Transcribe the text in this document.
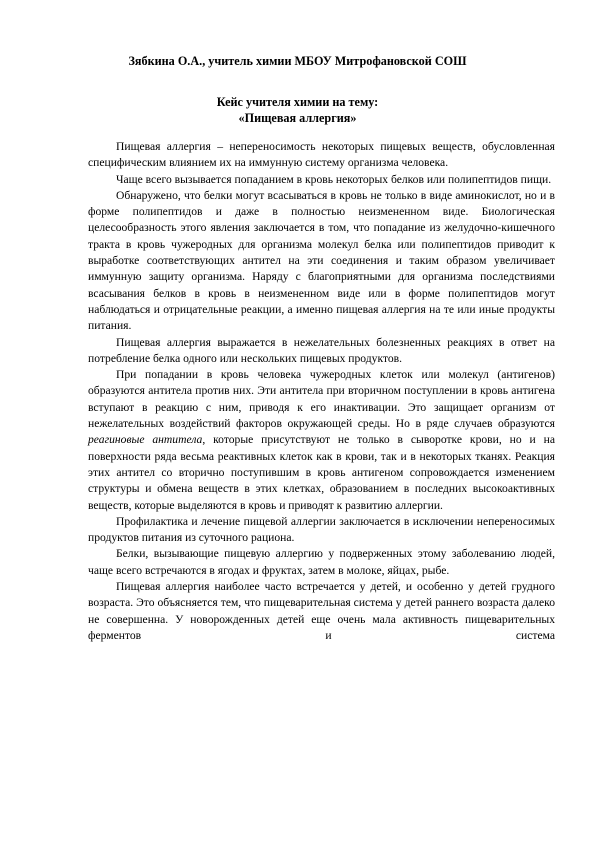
Зябкина О.А., учитель химии МБОУ Митрофановской СОШ
Кейс учителя химии на тему:
«Пищевая аллергия»

Пищевая аллергия – непереносимость некоторых пищевых веществ, обусловленная специфическим влиянием их на иммунную систему организма человека.

Чаще всего вызывается попаданием в кровь некоторых белков или полипептидов пищи.

Обнаружено, что белки могут всасываться в кровь не только в виде аминокислот, но и в форме полипептидов и даже в полностью неизмененном виде. Биологическая целесообразность этого явления заключается в том, что попадание из желудочно-кишечного тракта в кровь чужеродных для организма молекул белка или полипептидов приводит к выработке соответствующих антител на эти соединения и таким образом увеличивает иммунную защиту организма. Наряду с благоприятными для организма последствиями всасывания белков в кровь в неизмененном виде или в форме полипептидов могут наблюдаться и отрицательные реакции, а именно пищевая аллергия на те или иные продукты питания.

Пищевая аллергия выражается в нежелательных болезненных реакциях в ответ на потребление белка одного или нескольких пищевых продуктов.

При попадании в кровь человека чужеродных клеток или молекул (антигенов) образуются антитела против них. Эти антитела при вторичном поступлении в кровь антигена вступают в реакцию с ним, приводя к его инактивации. Это защищает организм от нежелательных воздействий факторов окружающей среды. Но в ряде случаев образуются реагиновые антитела, которые присутствуют не только в сыворотке крови, но и на поверхности ряда весьма реактивных клеток как в крови, так и в некоторых тканях. Реакция этих антител со вторично поступившим в кровь антигеном сопровождается изменением структуры и обмена веществ в этих клетках, образованием в последних высокоактивных веществ, которые выделяются в кровь и приводят к развитию аллергии.

Профилактика и лечение пищевой аллергии заключается в исключении непереносимых продуктов питания из суточного рациона.

Белки, вызывающие пищевую аллергию у подверженных этому заболеванию людей, чаще всего встречаются в ягодах и фруктах, затем в молоке, яйцах, рыбе.

Пищевая аллергия наиболее часто встречается у детей, и особенно у детей грудного возраста. Это объясняется тем, что пищеварительная система у детей раннего возраста далеко не совершенна. У новорожденных детей еще очень мала активность пищеварительных ферментов и система
